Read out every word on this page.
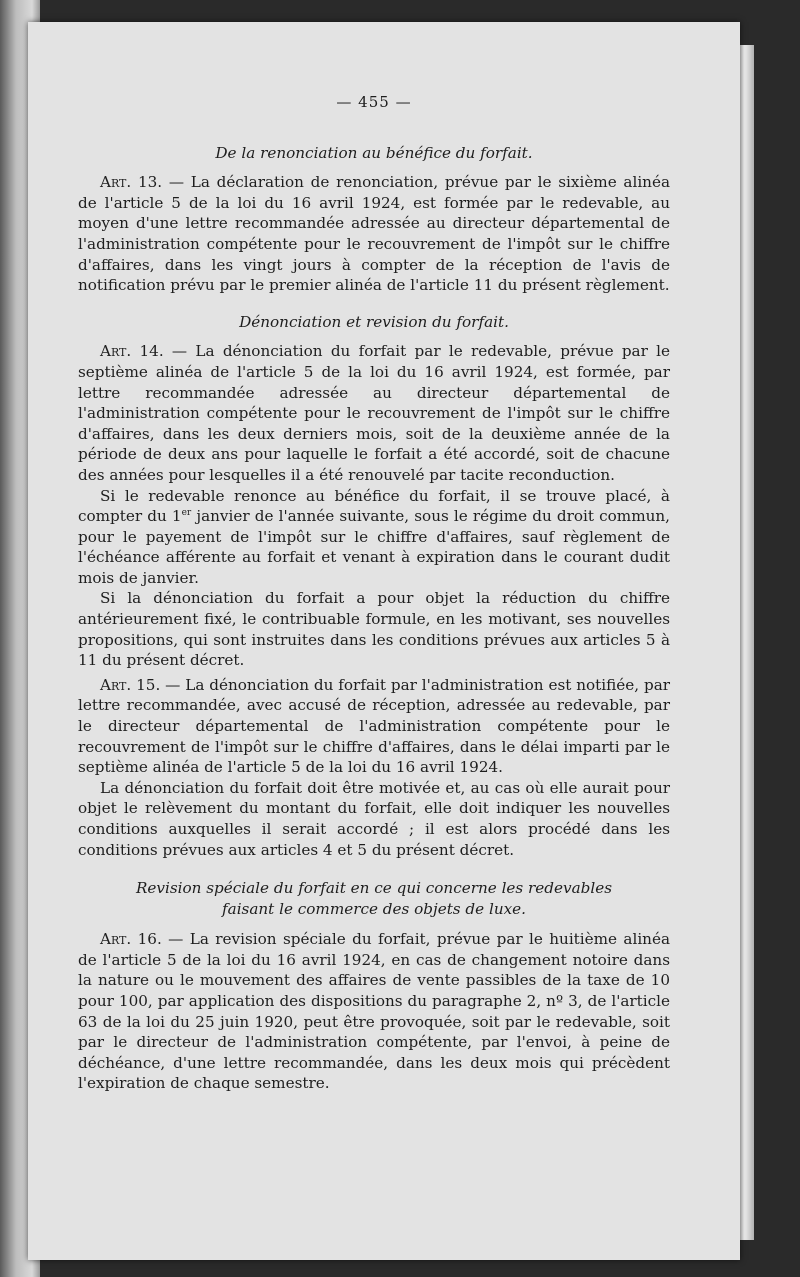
— 455 —
De la renonciation au bénéfice du forfait.

Art. 13. — La déclaration de renonciation, prévue par le sixième alinéa de l'article 5 de la loi du 16 avril 1924, est formée par le redevable, au moyen d'une lettre recommandée adressée au directeur départemental de l'administration compétente pour le recouvrement de l'impôt sur le chiffre d'affaires, dans les vingt jours à compter de la réception de l'avis de notification prévu par le premier alinéa de l'article 11 du présent règlement.

Dénonciation et revision du forfait.

Art. 14. — La dénonciation du forfait par le redevable, prévue par le septième alinéa de l'article 5 de la loi du 16 avril 1924, est formée, par lettre recommandée adressée au directeur départemental de l'administration compétente pour le recouvrement de l'impôt sur le chiffre d'affaires, dans les deux derniers mois, soit de la deuxième année de la période de deux ans pour laquelle le forfait a été accordé, soit de chacune des années pour lesquelles il a été renouvelé par tacite reconduction.

Si le redevable renonce au bénéfice du forfait, il se trouve placé, à compter du 1er janvier de l'année suivante, sous le régime du droit commun, pour le payement de l'impôt sur le chiffre d'affaires, sauf règlement de l'échéance afférente au forfait et venant à expiration dans le courant dudit mois de janvier.

Si la dénonciation du forfait a pour objet la réduction du chiffre antérieurement fixé, le contribuable formule, en les motivant, ses nouvelles propositions, qui sont instruites dans les conditions prévues aux articles 5 à 11 du présent décret.

Art. 15. — La dénonciation du forfait par l'administration est notifiée, par lettre recommandée, avec accusé de réception, adressée au redevable, par le directeur départemental de l'administration compétente pour le recouvrement de l'impôt sur le chiffre d'affaires, dans le délai imparti par le septième alinéa de l'article 5 de la loi du 16 avril 1924.

La dénonciation du forfait doit être motivée et, au cas où elle aurait pour objet le relèvement du montant du forfait, elle doit indiquer les nouvelles conditions auxquelles il serait accordé ; il est alors procédé dans les conditions prévues aux articles 4 et 5 du présent décret.

Revision spéciale du forfait en ce qui concerne les redevables faisant le commerce des objets de luxe.

Art. 16. — La revision spéciale du forfait, prévue par le huitième alinéa de l'article 5 de la loi du 16 avril 1924, en cas de changement notoire dans la nature ou le mouvement des affaires de vente passibles de la taxe de 10 pour 100, par application des dispositions du paragraphe 2, nº 3, de l'article 63 de la loi du 25 juin 1920, peut être provoquée, soit par le redevable, soit par le directeur de l'administration compétente, par l'envoi, à peine de déchéance, d'une lettre recommandée, dans les deux mois qui précèdent l'expiration de chaque semestre.
